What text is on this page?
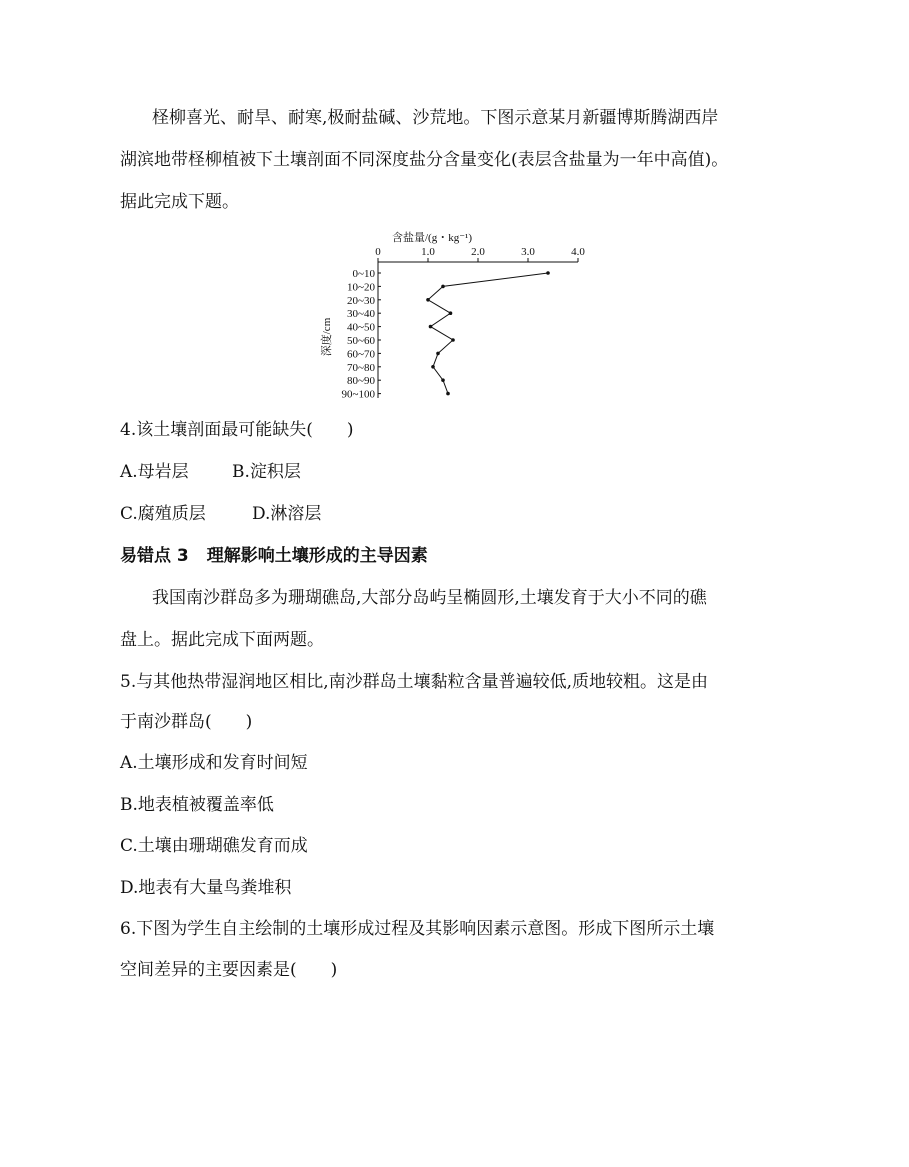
柽柳喜光、耐旱、耐寒,极耐盐碱、沙荒地。下图示意某月新疆博斯腾湖西岸
湖滨地带柽柳植被下土壤剖面不同深度盐分含量变化(表层含盐量为一年中高值)。
据此完成下题。
含盐量/(g・kg⁻¹)
0	1.0	2.0	3.0	4.0
0~10
10~20
20~30
30~40
40~50
50~60
60~70
70~80
80~90
90~100
深度/cm
4.该土壤剖面最可能缺失(　　)
A.母岩层	B.淀积层
C.腐殖质层	D.淋溶层
易错点 3 理解影响土壤形成的主导因素
我国南沙群岛多为珊瑚礁岛,大部分岛屿呈椭圆形,土壤发育于大小不同的礁
盘上。据此完成下面两题。
5.与其他热带湿润地区相比,南沙群岛土壤黏粒含量普遍较低,质地较粗。这是由
于南沙群岛(　　)
A.土壤形成和发育时间短
B.地表植被覆盖率低
C.土壤由珊瑚礁发育而成
D.地表有大量鸟粪堆积
6.下图为学生自主绘制的土壤形成过程及其影响因素示意图。形成下图所示土壤
空间差异的主要因素是(　　)
